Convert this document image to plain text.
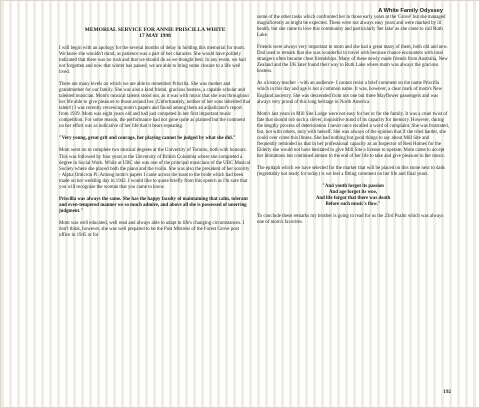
A White Family Odyssey
MEMORIAL SERVICE FOR ANNIE PRISCILLA WHITE
17 MAY 1998

I will begin with an apology for the several months of delay in holding this memorial for mom. We knew she wouldn't mind, as patience was a part of her character. She would have politely indicated that there was no rush and that we should do as we thought best. In any event, we had not forgotten and now that winter has passed, we are able to bring some closure to a life well lived.

There are many levels on which we are able to remember Priscilla. She was mother and grandmother for our family. She was also a kind friend, gracious hostess, a capable scholar and talented musician. Mom's musical talents stood out, as it was with music that she was throughout her life able to give pleasure to those around her. (Unfortunately, neither of her sons inherited that talent!) I was recently reviewing mom's papers and found among them an adjudicator's report from 1939. Mom was eight years old and had just competed in her first important music competition. For some reason, the performance had not gone quite as planned but the comment on her effort was as indicative of her life that it bears repeating.

"Very young, great grit and courage, her playing cannot be judged by what she did."

Mom went on to complete two musical degrees at the University of Toronto, both with honours. This was followed by four years at the University of British Columbia where she completed a degree in Social Work. While at UBC she was one of the principal musicians of the UBC Musical Society where she played both the piano and the violin. She was also the president of her sorority - Alpha Omicron Pi. Among mom's papers I came across the toast to the bride which had been made on her wedding day in 1942. I would like to quote briefly from this speech as I'm sure that you will recognize the woman that you came to know.

Priscilla was always the same. She has the happy faculty of maintaining that calm, tolerant and even-tempered manner we so much admire, and above all she is possessed of unerring judgment."

Mom was well educated, well read and always able to adapt to life's changing circumstances. I don't think, however, she was well prepared to be the Post Mistress of the Forest Grove post office in 1945 or for

some of the other tasks which confronted her in those early years at the 'Grove' but she managed magnificently as might be expected. These were not always easy years and were marked by ill health, but she came to love this community and particularly 'her lake' as she came to call Ruth Lake.

Friends were always very important to mom and she had a great many of them, both old and new. Dad used to remark that she was wonderful to travel with because chance encounters with total strangers often became close friendships. Many of these newly made friends from Australia, New Zealand and the UK later found their way to Ruth Lake where mom was always the gracious hostess.

As a history teacher - with an audience- I cannot resist a brief comment on the name Priscilla which in this day and age is not a common name. It was, however, a clear mark of mom's New England ancestry. She was descended from not one but three Mayflower passengers and was always very proud of this long heritage in North America.

Mom's last years in Mill Site Lodge were not easy for her or for the family. It was a cruel twist of fate that should rob such a clever, inquisitive mind of its capacity for memory. However, during the lengthy process of deterioration I never once recalled a word of complaint. She was frustrated, but, not with others, only with herself. She was always of the opinion that if she tried harder, she could over come this illness. She had nothing but good things to say about Mill Site and frequently reminded us that in her professional capacity as an Inspector of Rest Homes for the Elderly she would not have hesitated to give Mill Site a license to operate. Mom came to accept her limitations but continued almost to the end of her life to take and give pleasure in her music.

The epitaph which we have selected for the marker that will be placed on this stone next to dads (regrettably not ready for today) is we feel a fitting comment on her life and final years.

"And youth forgot its passion
And age forgot its woe,
And life forgot that there was death
Before such music's flow."

To conclude these remarks my brother is going to read for us the 23rd Psalm which was always one of mom's favorites.

192
